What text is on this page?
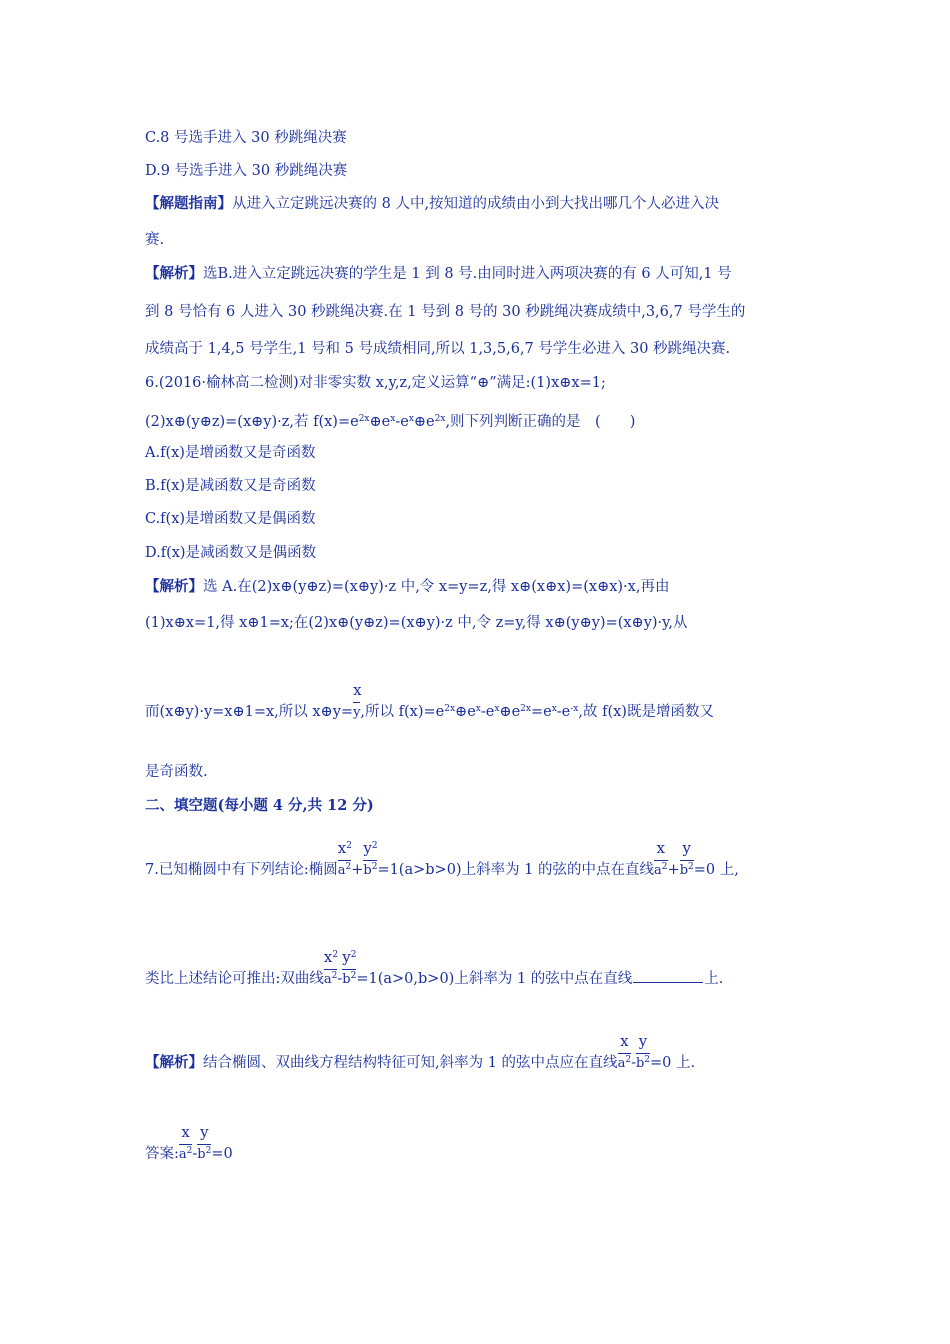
C.8 号选手进入 30 秒跳绳决赛
D.9 号选手进入 30 秒跳绳决赛
【解题指南】从进入立定跳远决赛的 8 人中,按知道的成绩由小到大找出哪几个人必进入决
赛.
【解析】选B.进入立定跳远决赛的学生是 1 到 8 号.由同时进入两项决赛的有 6 人可知,1 号
到 8 号恰有 6 人进入 30 秒跳绳决赛.在 1 号到 8 号的 30 秒跳绳决赛成绩中,3,6,7 号学生的
成绩高于 1,4,5 号学生,1 号和 5 号成绩相同,所以 1,3,5,6,7 号学生必进入 30 秒跳绳决赛.
6.(2016·榆林高二检测)对非零实数 x,y,z,定义运算“⊕”满足:(1)x⊕x=1;
(2)x⊕(y⊕z)=(x⊕y)·z,若 $f(x)=e^{2x}\oplus e^x-e^x\oplus e^{2x}$,则下列判断正确的是　(　　)
A.f(x)是增函数又是奇函数
B.f(x)是减函数又是奇函数
C.f(x)是增函数又是偶函数
D.f(x)是减函数又是偶函数
【解析】选 A.在(2)x⊕(y⊕z)=(x⊕y)·z 中,令 x=y=z,得 x⊕(x⊕x)=(x⊕x)·x,再由
(1)x⊕x=1,得 x⊕1=x;在(2)x⊕(y⊕z)=(x⊕y)·z 中,令 z=y,得 x⊕(y⊕y)=(x⊕y)·y,从
而(x⊕y)·y=x⊕1=x,所以 x⊕y= $\frac{x}{y}$,所以 $f(x)=e^{2x}\oplus e^x-e^x\oplus e^{2x}=e^x-e^{-x}$,故 f(x)既是增函数又
是奇函数.
二、填空题(每小题 4 分,共 12 分)
7.已知椭圆中有下列结论:椭圆 $\frac{x^2}{a^2}+ \frac{y^2}{b^2}=1(a>b>0)$上斜率为 1 的弦的中点在直线 $\frac{x}{a^2}+ \frac{y}{b^2}=0$ 上,
类比上述结论可推出:双曲线 $\frac{x^2}{a^2}- \frac{y^2}{b^2}=1(a>0,b>0)$上斜率为 1 的弦中点在直线	上.
【解析】结合椭圆、双曲线方程结构特征可知,斜率为 1 的弦中点应在直线 $\frac{x}{a^2}- \frac{y}{b^2}=0$ 上.
答案: $\frac{x}{a^2}- \frac{y}{b^2}=0$
